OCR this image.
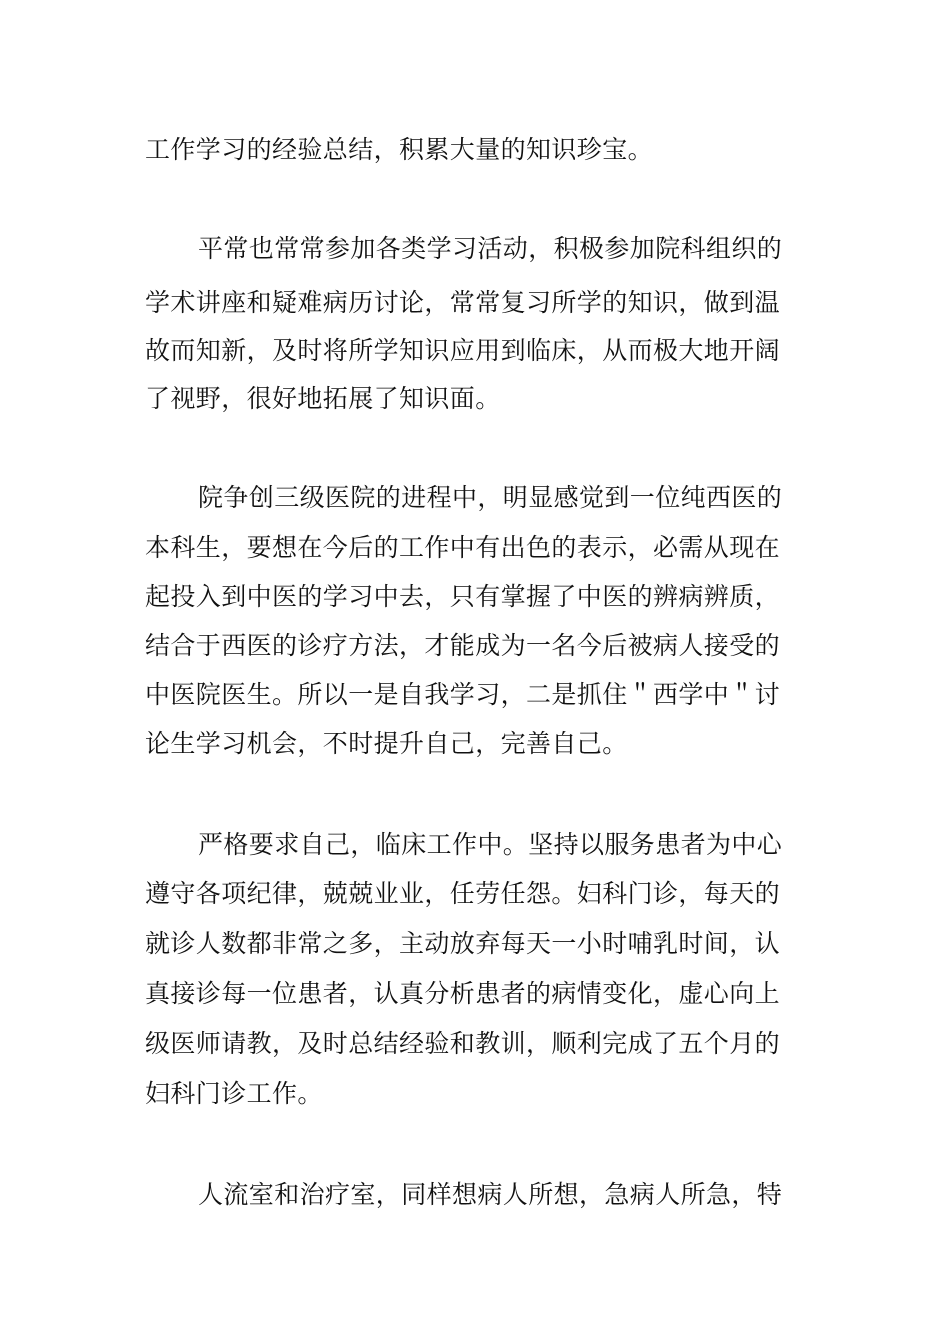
工作学习的经验总结，积累大量的知识珍宝。
平常也常常参加各类学习活动，积极参加院科组织的
学术讲座和疑难病历讨论，常常复习所学的知识，做到温
故而知新，及时将所学知识应用到临床，从而极大地开阔
了视野，很好地拓展了知识面。
院争创三级医院的进程中，明显感觉到一位纯西医的
本科生，要想在今后的工作中有出色的表示，必需从现在
起投入到中医的学习中去，只有掌握了中医的辨病辨质，
结合于西医的诊疗方法，才能成为一名今后被病人接受的
中医院医生。所以一是自我学习，二是抓住＂西学中＂讨
论生学习机会，不时提升自己，完善自己。
严格要求自己，临床工作中。坚持以服务患者为中心
遵守各项纪律，兢兢业业，任劳任怨。妇科门诊，每天的
就诊人数都非常之多，主动放弃每天一小时哺乳时间，认
真接诊每一位患者，认真分析患者的病情变化，虚心向上
级医师请教，及时总结经验和教训，顺利完成了五个月的
妇科门诊工作。
人流室和治疗室，同样想病人所想，急病人所急，特
